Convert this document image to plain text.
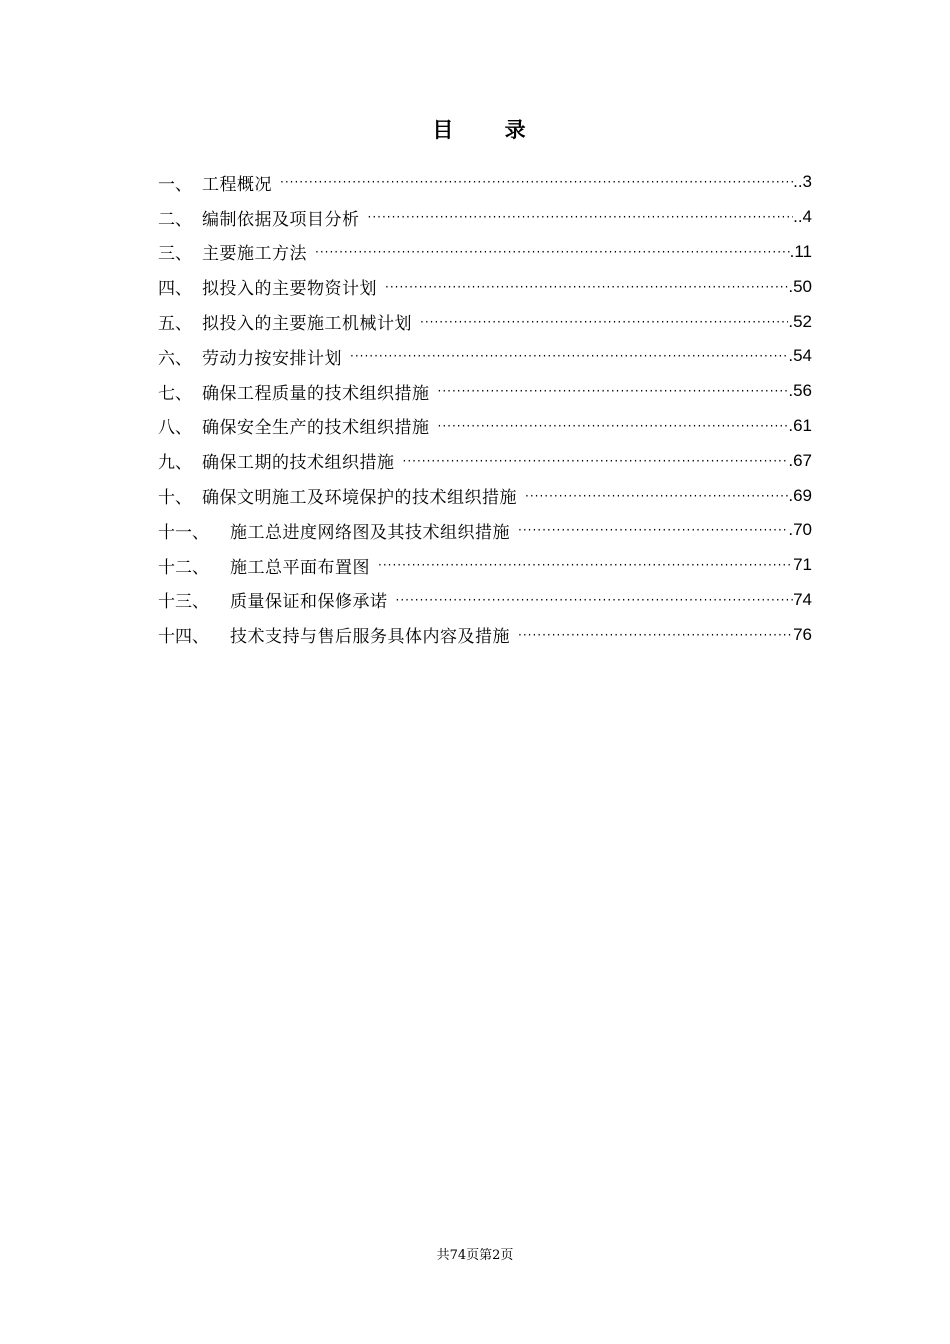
目 录
一、 工程概况 ·····	..3
二、 编制依据及项目分析 ·····	..4
三、 主要施工方法 ·····	.11
四、 拟投入的主要物资计划 ·····	.50
五、 拟投入的主要施工机械计划 ·····	.52
六、 劳动力按安排计划 ·····	.54
七、 确保工程质量的技术组织措施 ·····	.56
八、 确保安全生产的技术组织措施 ·····	.61
九、 确保工期的技术组织措施 ·····	.67
十、 确保文明施工及环境保护的技术组织措施 ·····	.69
十一、	施工总进度网络图及其技术组织措施 ·····	.70
十二、	施工总平面布置图 ·····	71
十三、	质量保证和保修承诺 ·····	74
十四、	技术支持与售后服务具体内容及措施 ·····	76
共74页第2页
